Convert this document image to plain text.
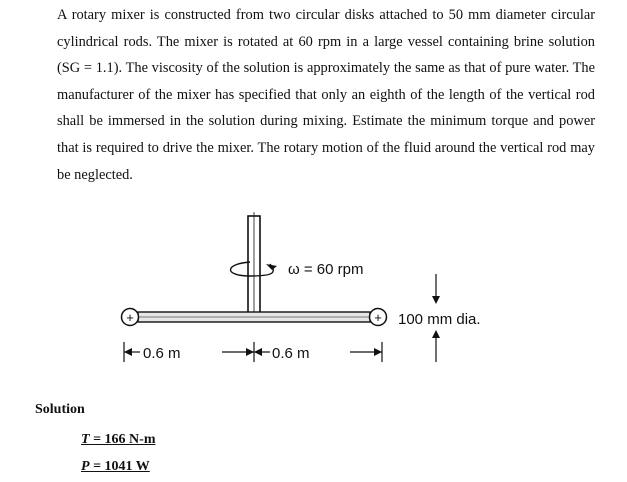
A rotary mixer is constructed from two circular disks attached to 50 mm diameter circular cylindrical rods. The mixer is rotated at 60 rpm in a large vessel containing brine solution (SG = 1.1). The viscosity of the solution is approximately the same as that of pure water. The manufacturer of the mixer has specified that only an eighth of the length of the vertical rod shall be immersed in the solution during mixing. Estimate the minimum torque and power that is required to drive the mixer. The rotary motion of the fluid around the vertical rod may be neglected.

+	+
ω = 60 rpm
100 mm dia.
0.6 m	0.6 m
Solution
T = 166 N-m
P = 1041 W
